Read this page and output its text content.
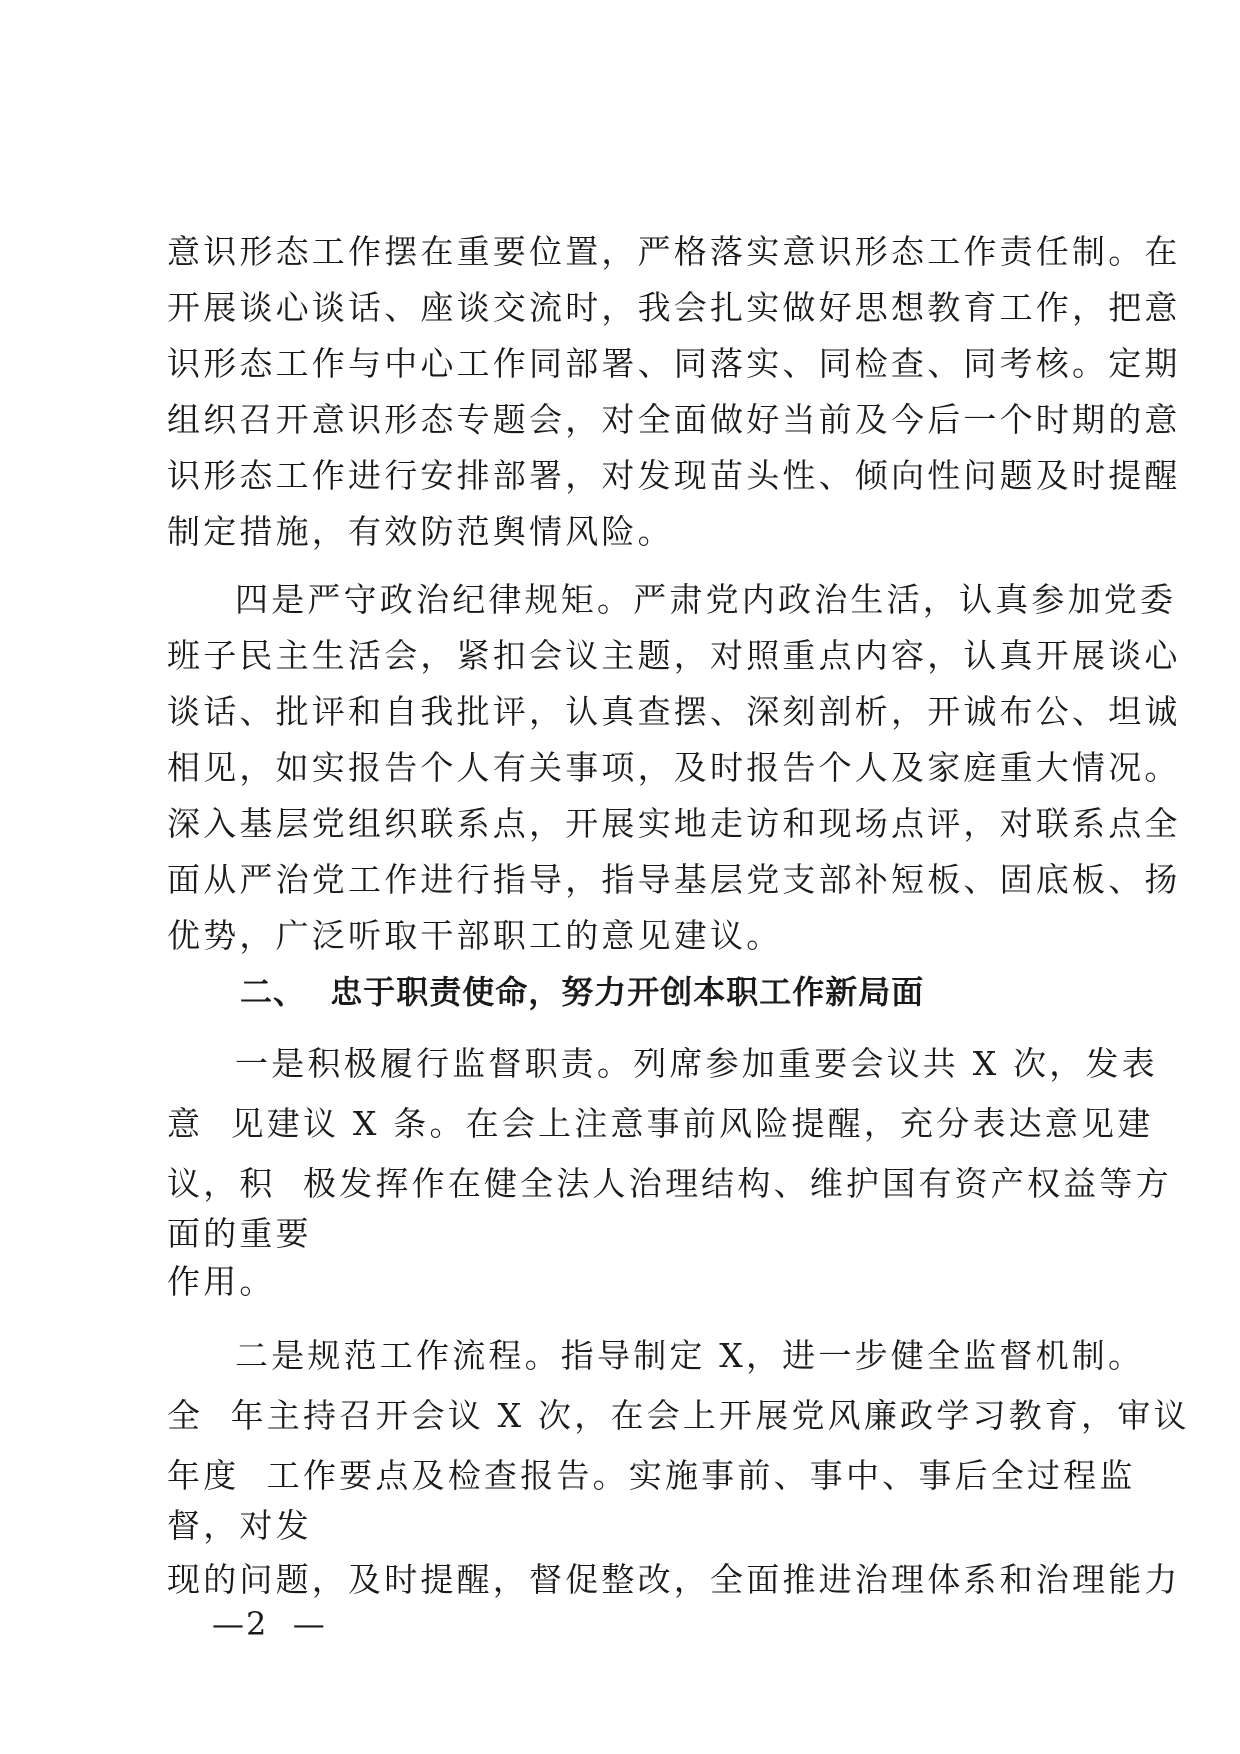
意识形态工作摆在重要位置，严格落实意识形态工作责任制。在
开展谈心谈话、座谈交流时，我会扎实做好思想教育工作，把意
识形态工作与中心工作同部署、同落实、同检查、同考核。定期
组织召开意识形态专题会，对全面做好当前及今后一个时期的意
识形态工作进行安排部署，对发现苗头性、倾向性问题及时提醒
制定措施，有效防范舆情风险。
四是严守政治纪律规矩。严肃党内政治生活，认真参加党委
班子民主生活会，紧扣会议主题，对照重点内容，认真开展谈心
谈话、批评和自我批评，认真查摆、深刻剖析，开诚布公、坦诚
相见，如实报告个人有关事项，及时报告个人及家庭重大情况。
深入基层党组织联系点，开展实地走访和现场点评，对联系点全
面从严治党工作进行指导，指导基层党支部补短板、固底板、扬
优势，广泛听取干部职工的意见建议。
二、  忠于职责使命，努力开创本职工作新局面
一是积极履行监督职责。列席参加重要会议共 X 次，发表
意  见建议 X 条。在会上注意事前风险提醒，充分表达意见建
议，积  极发挥作在健全法人治理结构、维护国有资产权益等方
面的重要
作用。
二是规范工作流程。指导制定 X，进一步健全监督机制。
全  年主持召开会议 X 次，在会上开展党风廉政学习教育，审议
年度  工作要点及检查报告。实施事前、事中、事后全过程监
督，对发
现的问题，及时提醒，督促整改，全面推进治理体系和治理能力
—2  —
